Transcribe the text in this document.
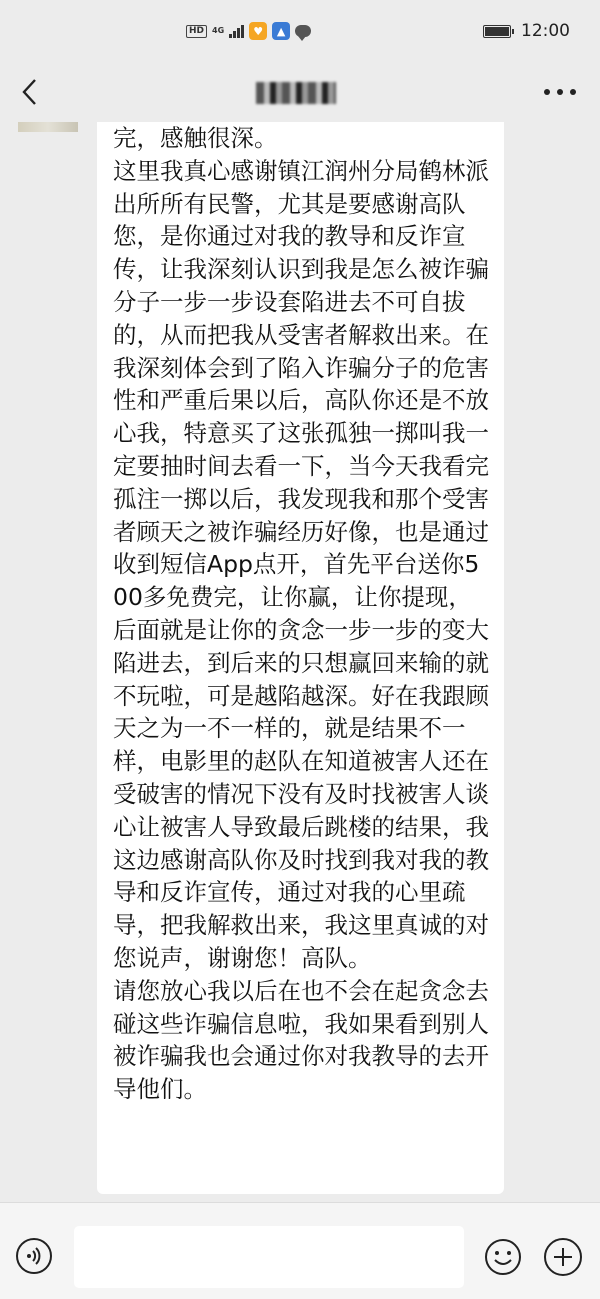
HD	4G	♥	▲	12:00

完，感触很深。
这里我真心感谢镇江润州分局鹤林派出所所有民警，尤其是要感谢高队您，是你通过对我的教导和反诈宣传，让我深刻认识到我是怎么被诈骗分子一步一步设套陷进去不可自拔的，从而把我从受害者解救出来。在我深刻体会到了陷入诈骗分子的危害性和严重后果以后，高队你还是不放心我，特意买了这张孤独一掷叫我一定要抽时间去看一下，当今天我看完孤注一掷以后，我发现我和那个受害者顾天之被诈骗经历好像，也是通过收到短信App点开，首先平台送你500多免费完，让你赢，让你提现，后面就是让你的贪念一步一步的变大陷进去，到后来的只想赢回来输的就不玩啦，可是越陷越深。好在我跟顾天之为一不一样的，就是结果不一样，电影里的赵队在知道被害人还在受破害的情况下没有及时找被害人谈心让被害人导致最后跳楼的结果，我这边感谢高队你及时找到我对我的教导和反诈宣传，通过对我的心里疏导，把我解救出来，我这里真诚的对您说声，谢谢您！高队。
请您放心我以后在也不会在起贪念去碰这些诈骗信息啦，我如果看到别人被诈骗我也会通过你对我教导的去开导他们。
